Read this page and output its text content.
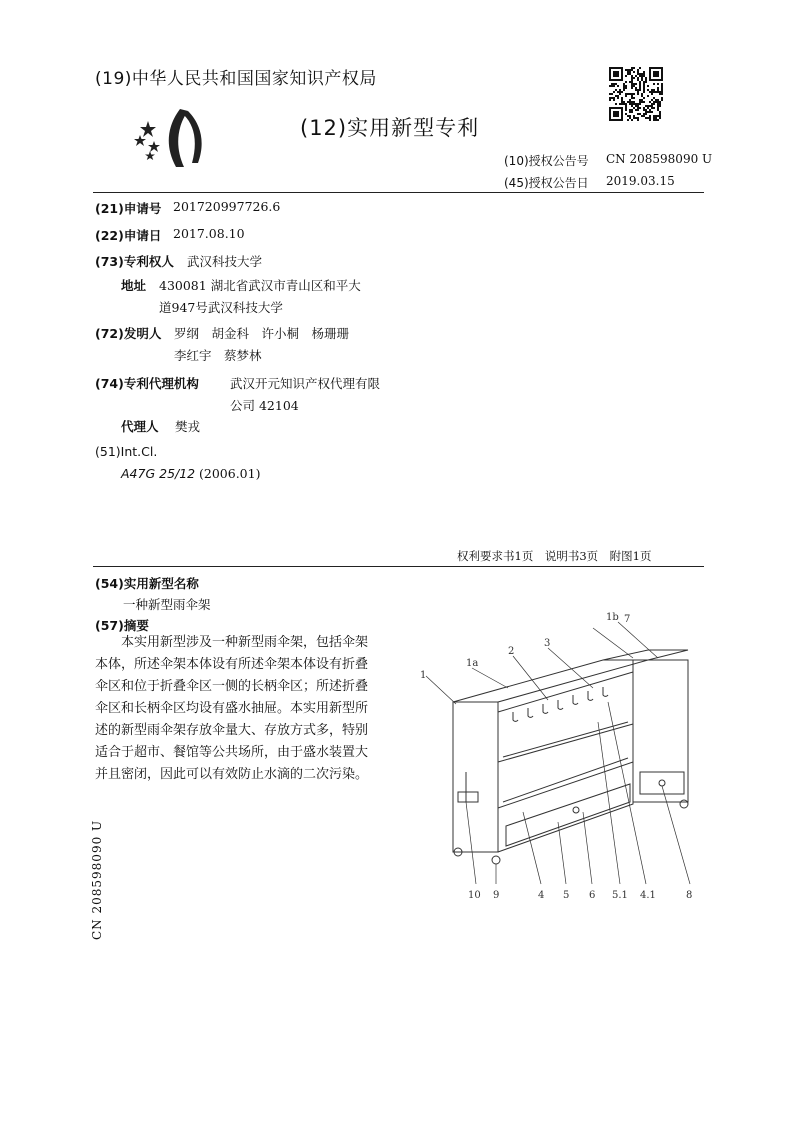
(19)中华人民共和国国家知识产权局
(12)实用新型专利
(10)授权公告号 CN 208598090 U
(45)授权公告日 2019.03.15
(21)申请号 201720997726.6
(22)申请日 2017.08.10
(73)专利权人 武汉科技大学
地址 430081 湖北省武汉市青山区和平大
道947号武汉科技大学
(72)发明人 罗纲　胡金科　许小桐　杨珊珊
李红宇　蔡梦林
(74)专利代理机构 武汉开元知识产权代理有限
公司 42104
代理人 樊戎
(51)Int.Cl.
A47G 25/12 (2006.01)
权利要求书1页　说明书3页　附图1页
(54)实用新型名称
一种新型雨伞架
(57)摘要
本实用新型涉及一种新型雨伞架，包括伞架
本体，所述伞架本体设有所述伞架本体设有折叠
伞区和位于折叠伞区一侧的长柄伞区；所述折叠
伞区和长柄伞区均设有盛水抽屉。本实用新型所
述的新型雨伞架存放伞量大、存放方式多，特别
适合于超市、餐馆等公共场所，由于盛水装置大
并且密闭，因此可以有效防止水滴的二次污染。
1b 7
1a
2
3
1
10 9	4 5 6 5.1 4.1	8
CN 208598090 U
